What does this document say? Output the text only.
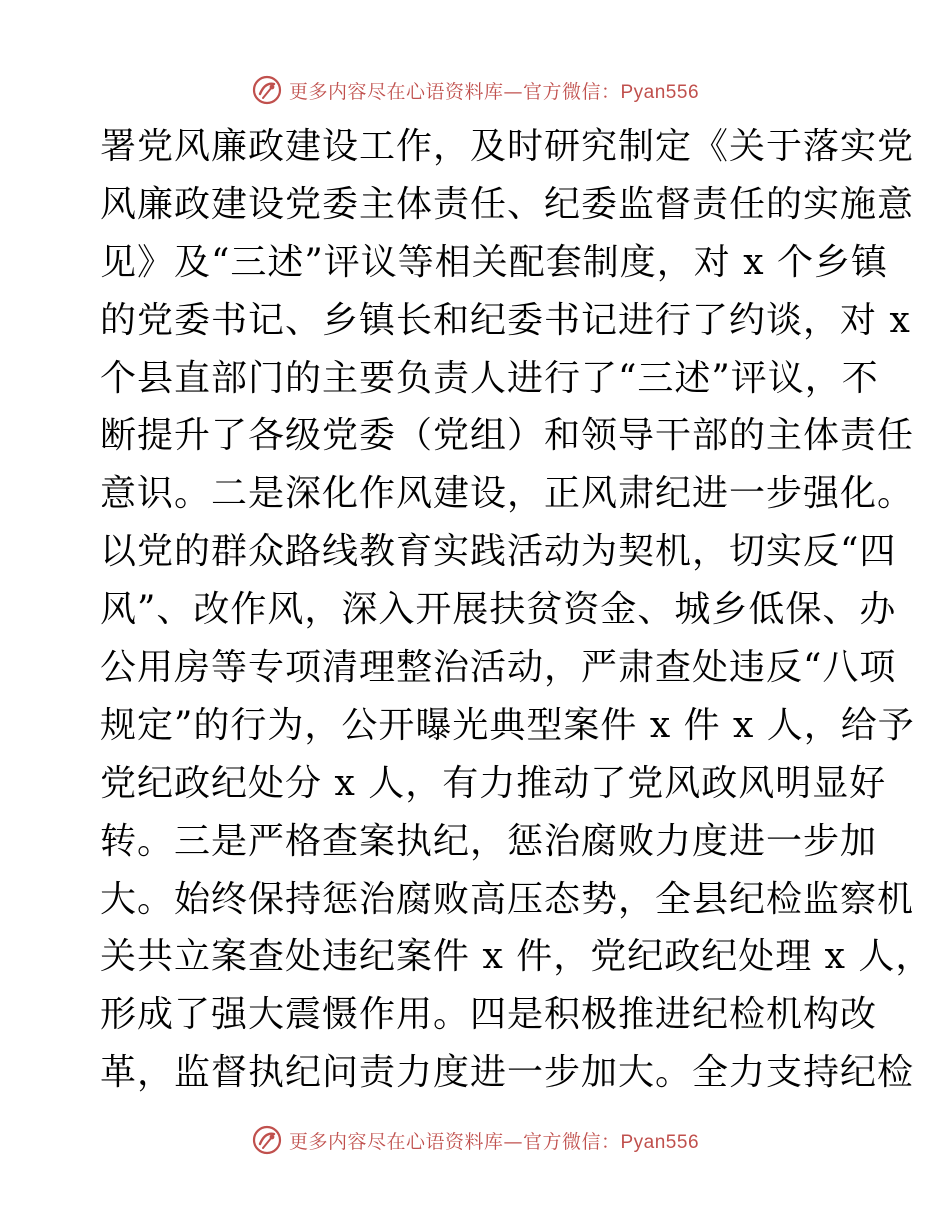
更多内容尽在心语资料库—官方微信：Pyan556
署党风廉政建设工作，及时研究制定《关于落实党
风廉政建设党委主体责任、纪委监督责任的实施意
见》及“三述”评议等相关配套制度，对 x 个乡镇
的党委书记、乡镇长和纪委书记进行了约谈，对 x
个县直部门的主要负责人进行了“三述”评议，不
断提升了各级党委（党组）和领导干部的主体责任
意识。二是深化作风建设，正风肃纪进一步强化。
以党的群众路线教育实践活动为契机，切实反“四
风”、改作风，深入开展扶贫资金、城乡低保、办
公用房等专项清理整治活动，严肃查处违反“八项
规定”的行为，公开曝光典型案件 x 件 x 人，给予
党纪政纪处分 x 人，有力推动了党风政风明显好
转。三是严格查案执纪，惩治腐败力度进一步加
大。始终保持惩治腐败高压态势，全县纪检监察机
关共立案查处违纪案件 x 件，党纪政纪处理 x 人，
形成了强大震慑作用。四是积极推进纪检机构改
革，监督执纪问责力度进一步加大。全力支持纪检
更多内容尽在心语资料库—官方微信：Pyan556
